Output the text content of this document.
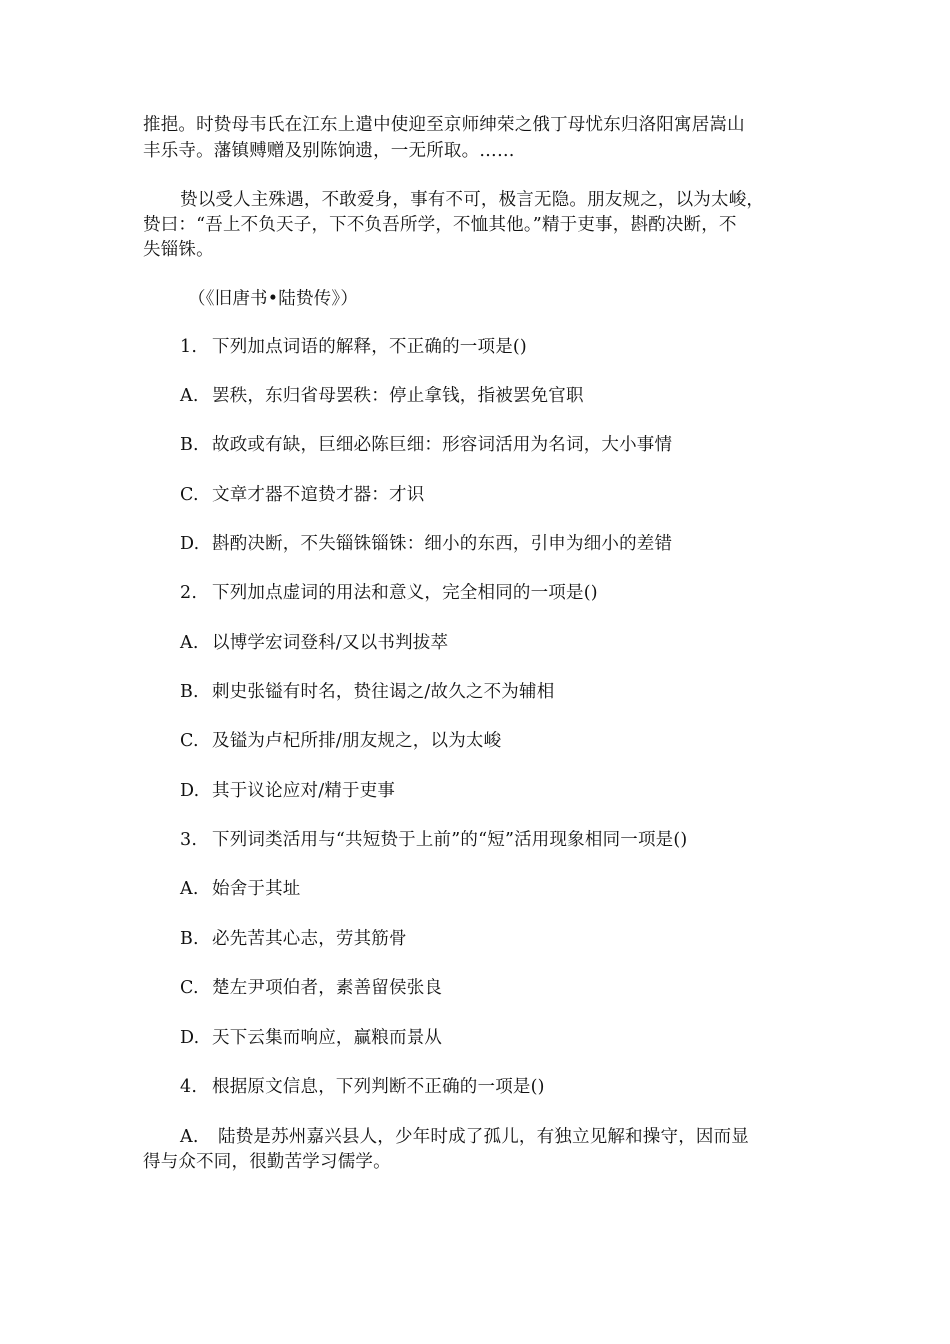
推挹。时贽母韦氏在江东上遣中使迎至京师绅荣之俄丁母忧东归洛阳寓居嵩山
丰乐寺。藩镇赙赠及别陈饷遗，一无所取。……
贽以受人主殊遇，不敢爱身，事有不可，极言无隐。朋友规之，以为太峻，
贽曰：“吾上不负天子，下不负吾所学，不恤其他。”精于吏事，斟酌决断，不
失锱铢。
（《旧唐书•陆贽传》）
1. 下列加点词语的解释，不正确的一项是()
A. 罢秩，东归省母罢秩：停止拿钱，指被罢免官职
B. 故政或有缺，巨细必陈巨细：形容词活用为名词，大小事情
C. 文章才器不逭贽才器：才识
D. 斟酌决断，不失锱铢锱铢：细小的东西，引申为细小的差错
2. 下列加点虚词的用法和意义，完全相同的一项是()
A. 以博学宏词登科/又以书判拔萃
B. 刺史张镒有时名，贽往谒之/故久之不为辅相
C. 及镒为卢杞所排/朋友规之，以为太峻
D. 其于议论应对/精于吏事
3. 下列词类活用与“共短贽于上前”的“短”活用现象相同一项是()
A. 始舍于其址
B. 必先苦其心志，劳其筋骨
C. 楚左尹项伯者，素善留侯张良
D. 天下云集而响应，赢粮而景从
4. 根据原文信息，下列判断不正确的一项是()
A. 陆贽是苏州嘉兴县人，少年时成了孤儿，有独立见解和操守，因而显
得与众不同，很勤苦学习儒学。
